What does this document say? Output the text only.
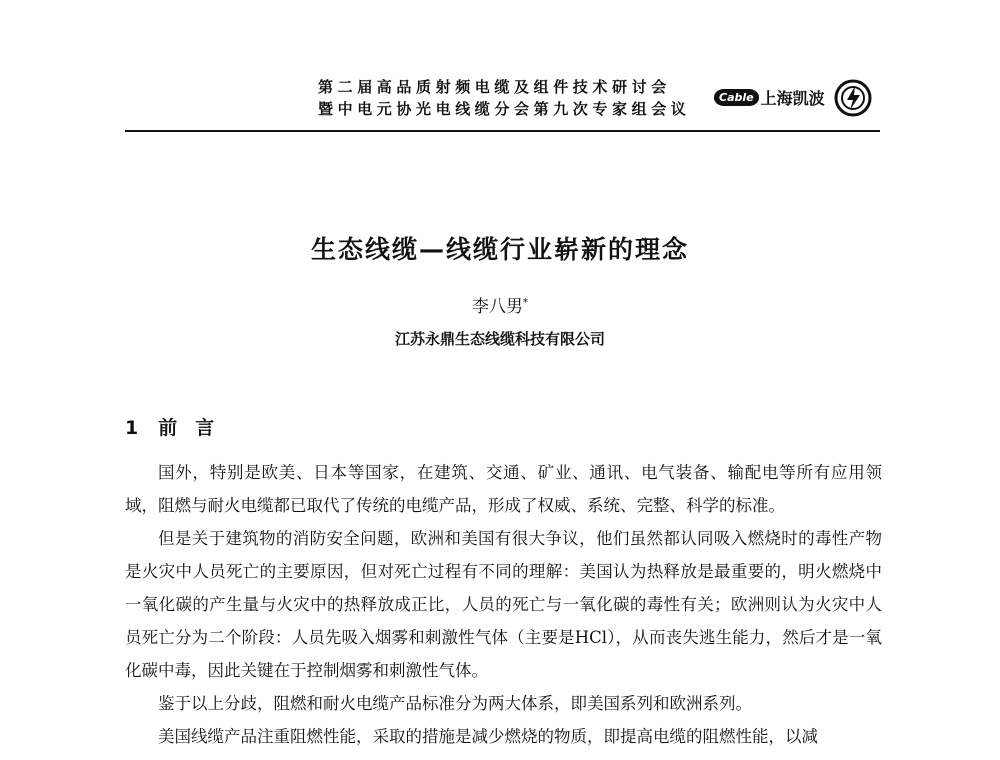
第二届高品质射频电缆及组件技术研讨会
暨中电元协光电线缆分会第九次专家组会议
Cable 上海凯波
生态线缆—线缆行业崭新的理念
李八男*
江苏永鼎生态线缆科技有限公司
1 前言

国外，特别是欧美、日本等国家，在建筑、交通、矿业、通讯、电气装备、输配电等所有应用领域，阻燃与耐火电缆都已取代了传统的电缆产品，形成了权威、系统、完整、科学的标准。

但是关于建筑物的消防安全问题，欧洲和美国有很大争议，他们虽然都认同吸入燃烧时的毒性产物是火灾中人员死亡的主要原因，但对死亡过程有不同的理解：美国认为热释放是最重要的，明火燃烧中一氧化碳的产生量与火灾中的热释放成正比，人员的死亡与一氧化碳的毒性有关；欧洲则认为火灾中人员死亡分为二个阶段：人员先吸入烟雾和刺激性气体（主要是HCl），从而丧失逃生能力，然后才是一氧化碳中毒，因此关键在于控制烟雾和刺激性气体。

鉴于以上分歧，阻燃和耐火电缆产品标准分为两大体系，即美国系列和欧洲系列。

美国线缆产品注重阻燃性能，采取的措施是减少燃烧的物质，即提高电缆的阻燃性能，以减
